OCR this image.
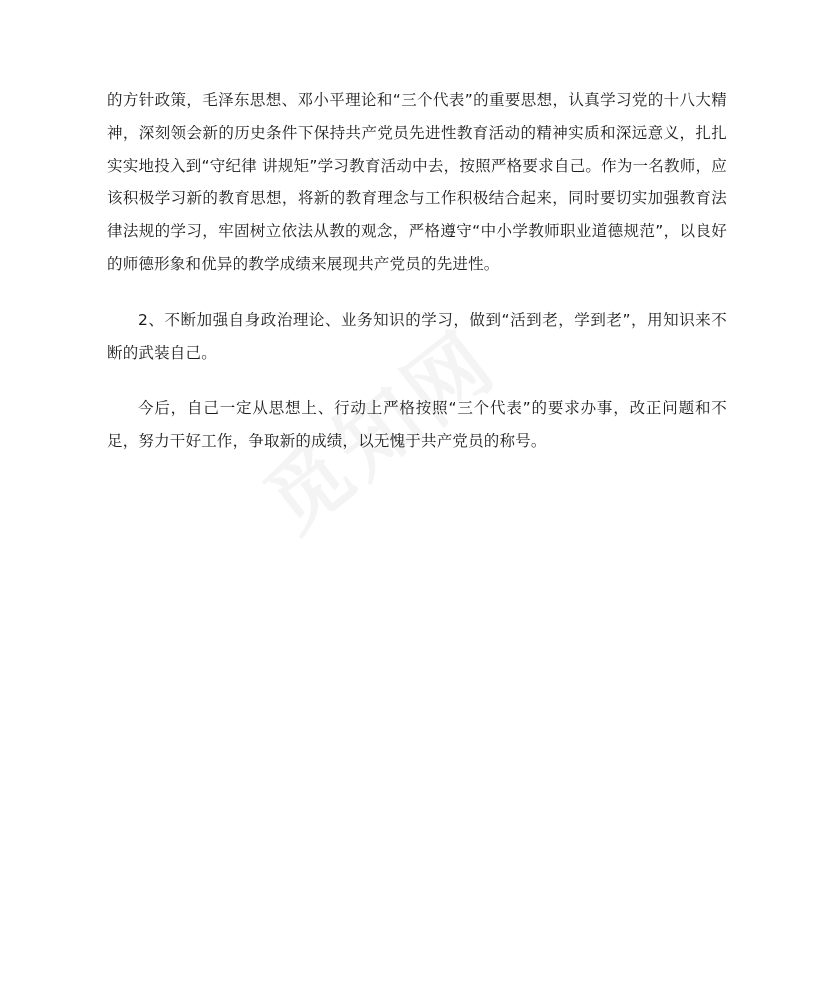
的方针政策，毛泽东思想、邓小平理论和“三个代表”的重要思想，认真学习党的十八大精神，深刻领会新的历史条件下保持共产党员先进性教育活动的精神实质和深远意义，扎扎实实地投入到“守纪律 讲规矩”学习教育活动中去，按照严格要求自己。作为一名教师，应该积极学习新的教育思想，将新的教育理念与工作积极结合起来，同时要切实加强教育法律法规的学习，牢固树立依法从教的观念，严格遵守“中小学教师职业道德规范”，以良好的师德形象和优异的教学成绩来展现共产党员的先进性。

2、不断加强自身政治理论、业务知识的学习，做到“活到老，学到老”，用知识来不断的武装自己。

今后，自己一定从思想上、行动上严格按照“三个代表”的要求办事，改正问题和不足，努力干好工作，争取新的成绩，以无愧于共产党员的称号。
